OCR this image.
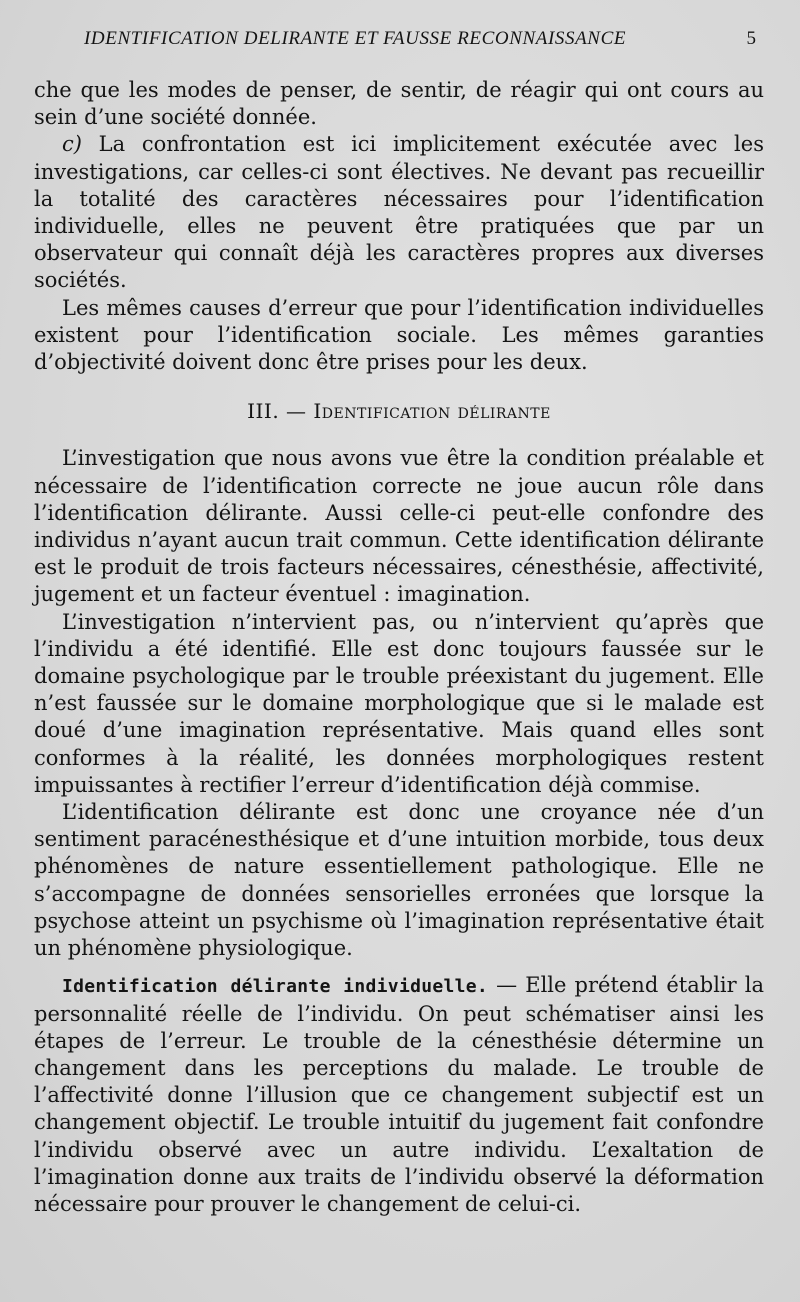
IDENTIFICATION DELIRANTE ET FAUSSE RECONNAISSANCE	5

che que les modes de penser, de sentir, de réagir qui ont cours au sein d’une société donnée.

c) La confrontation est ici implicitement exécutée avec les investigations, car celles-ci sont électives. Ne devant pas recueillir la totalité des caractères nécessaires pour l’identification individuelle, elles ne peuvent être pratiquées que par un observateur qui connaît déjà les caractères propres aux diverses sociétés.

Les mêmes causes d’erreur que pour l’identification individuelles existent pour l’identification sociale. Les mêmes garanties d’objectivité doivent donc être prises pour les deux.

III. — Identification délirante

L’investigation que nous avons vue être la condition préalable et nécessaire de l’identification correcte ne joue aucun rôle dans l’identification délirante. Aussi celle-ci peut-elle confondre des individus n’ayant aucun trait commun. Cette identification délirante est le produit de trois facteurs nécessaires, cénesthésie, affectivité, jugement et un facteur éventuel : imagination.

L’investigation n’intervient pas, ou n’intervient qu’après que l’individu a été identifié. Elle est donc toujours faussée sur le domaine psychologique par le trouble préexistant du jugement. Elle n’est faussée sur le domaine morphologique que si le malade est doué d’une imagination représentative. Mais quand elles sont conformes à la réalité, les données morphologiques restent impuissantes à rectifier l’erreur d’identification déjà commise.

L’identification délirante est donc une croyance née d’un sentiment paracénesthésique et d’une intuition morbide, tous deux phénomènes de nature essentiellement pathologique. Elle ne s’accompagne de données sensorielles erronées que lorsque la psychose atteint un psychisme où l’imagination représentative était un phénomène physiologique.

Identification délirante individuelle. — Elle prétend établir la personnalité réelle de l’individu. On peut schématiser ainsi les étapes de l’erreur. Le trouble de la cénesthésie détermine un changement dans les perceptions du malade. Le trouble de l’affectivité donne l’illusion que ce changement subjectif est un changement objectif. Le trouble intuitif du jugement fait confondre l’individu observé avec un autre individu. L’exaltation de l’imagination donne aux traits de l’individu observé la déformation nécessaire pour prouver le changement de celui-ci.
